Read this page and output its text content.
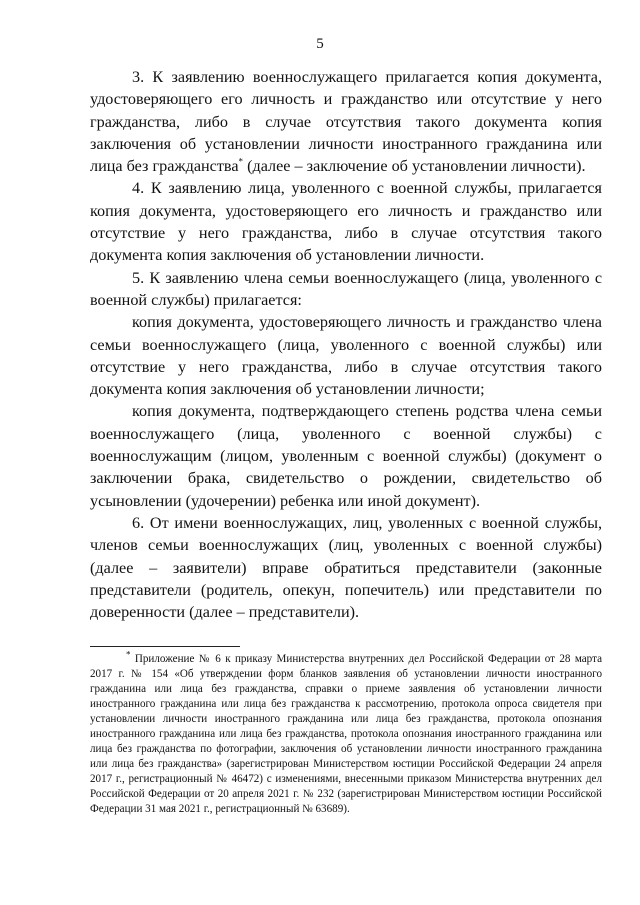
5

3. К заявлению военнослужащего прилагается копия документа, удостоверяющего его личность и гражданство или отсутствие у него гражданства, либо в случае отсутствия такого документа копия заключения об установлении личности иностранного гражданина или лица без гражданства* (далее – заключение об установлении личности).

4. К заявлению лица, уволенного с военной службы, прилагается копия документа, удостоверяющего его личность и гражданство или отсутствие у него гражданства, либо в случае отсутствия такого документа копия заключения об установлении личности.

5. К заявлению члена семьи военнослужащего (лица, уволенного с военной службы) прилагается:

копия документа, удостоверяющего личность и гражданство члена семьи военнослужащего (лица, уволенного с военной службы) или отсутствие у него гражданства, либо в случае отсутствия такого документа копия заключения об установлении личности;

копия документа, подтверждающего степень родства члена семьи военнослужащего (лица, уволенного с военной службы) с военнослужащим (лицом, уволенным с военной службы) (документ о заключении брака, свидетельство о рождении, свидетельство об усыновлении (удочерении) ребенка или иной документ).

6. От имени военнослужащих, лиц, уволенных с военной службы, членов семьи военнослужащих (лиц, уволенных с военной службы) (далее – заявители) вправе обратиться представители (законные представители (родитель, опекун, попечитель) или представители по доверенности (далее – представители).

* Приложение № 6 к приказу Министерства внутренних дел Российской Федерации от 28 марта 2017 г. № 154 «Об утверждении форм бланков заявления об установлении личности иностранного гражданина или лица без гражданства, справки о приеме заявления об установлении личности иностранного гражданина или лица без гражданства к рассмотрению, протокола опроса свидетеля при установлении личности иностранного гражданина или лица без гражданства, протокола опознания иностранного гражданина или лица без гражданства, протокола опознания иностранного гражданина или лица без гражданства по фотографии, заключения об установлении личности иностранного гражданина или лица без гражданства» (зарегистрирован Министерством юстиции Российской Федерации 24 апреля 2017 г., регистрационный № 46472) с изменениями, внесенными приказом Министерства внутренних дел Российской Федерации от 20 апреля 2021 г. № 232 (зарегистрирован Министерством юстиции Российской Федерации 31 мая 2021 г., регистрационный № 63689).
